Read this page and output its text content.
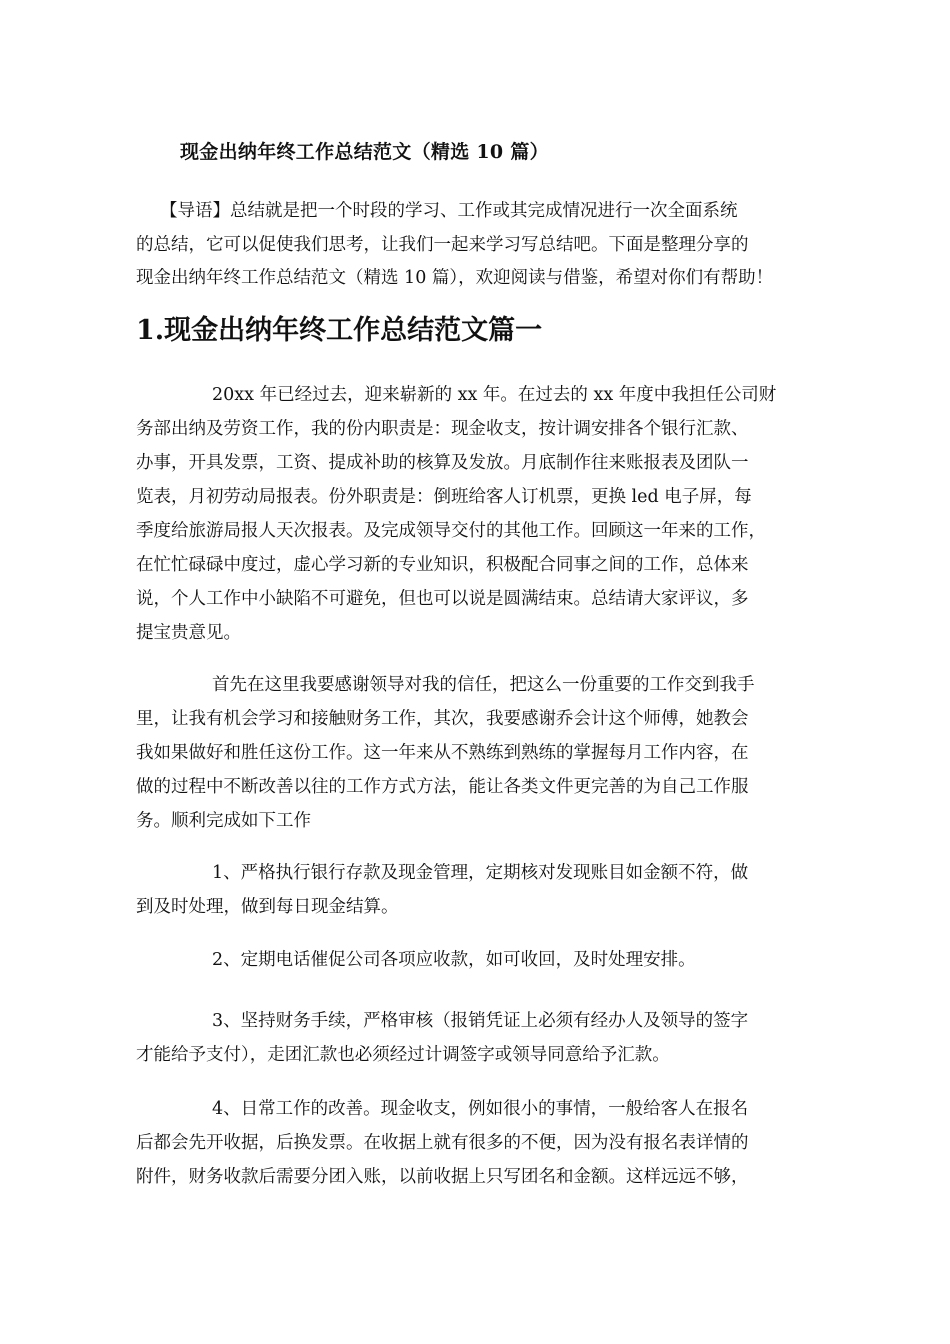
现金出纳年终工作总结范文（精选 10 篇）
【导语】总结就是把一个时段的学习、工作或其完成情况进行一次全面系统
的总结，它可以促使我们思考，让我们一起来学习写总结吧。下面是整理分享的
现金出纳年终工作总结范文（精选 10 篇），欢迎阅读与借鉴，希望对你们有帮助！
1.现金出纳年终工作总结范文篇一
20xx 年已经过去，迎来崭新的 xx 年。在过去的 xx 年度中我担任公司财
务部出纳及劳资工作，我的份内职责是：现金收支，按计调安排各个银行汇款、
办事，开具发票，工资、提成补助的核算及发放。月底制作往来账报表及团队一
览表，月初劳动局报表。份外职责是：倒班给客人订机票，更换 led 电子屏，每
季度给旅游局报人天次报表。及完成领导交付的其他工作。回顾这一年来的工作，
在忙忙碌碌中度过，虚心学习新的专业知识，积极配合同事之间的工作，总体来
说，个人工作中小缺陷不可避免，但也可以说是圆满结束。总结请大家评议，多
提宝贵意见。
首先在这里我要感谢领导对我的信任，把这么一份重要的工作交到我手
里，让我有机会学习和接触财务工作，其次，我要感谢乔会计这个师傅，她教会
我如果做好和胜任这份工作。这一年来从不熟练到熟练的掌握每月工作内容，在
做的过程中不断改善以往的工作方式方法，能让各类文件更完善的为自己工作服
务。顺利完成如下工作
1、严格执行银行存款及现金管理，定期核对发现账目如金额不符，做
到及时处理，做到每日现金结算。
2、定期电话催促公司各项应收款，如可收回，及时处理安排。
3、坚持财务手续，严格审核（报销凭证上必须有经办人及领导的签字
才能给予支付），走团汇款也必须经过计调签字或领导同意给予汇款。
4、日常工作的改善。现金收支，例如很小的事情，一般给客人在报名
后都会先开收据，后换发票。在收据上就有很多的不便，因为没有报名表详情的
附件，财务收款后需要分团入账，以前收据上只写团名和金额。这样远远不够，
